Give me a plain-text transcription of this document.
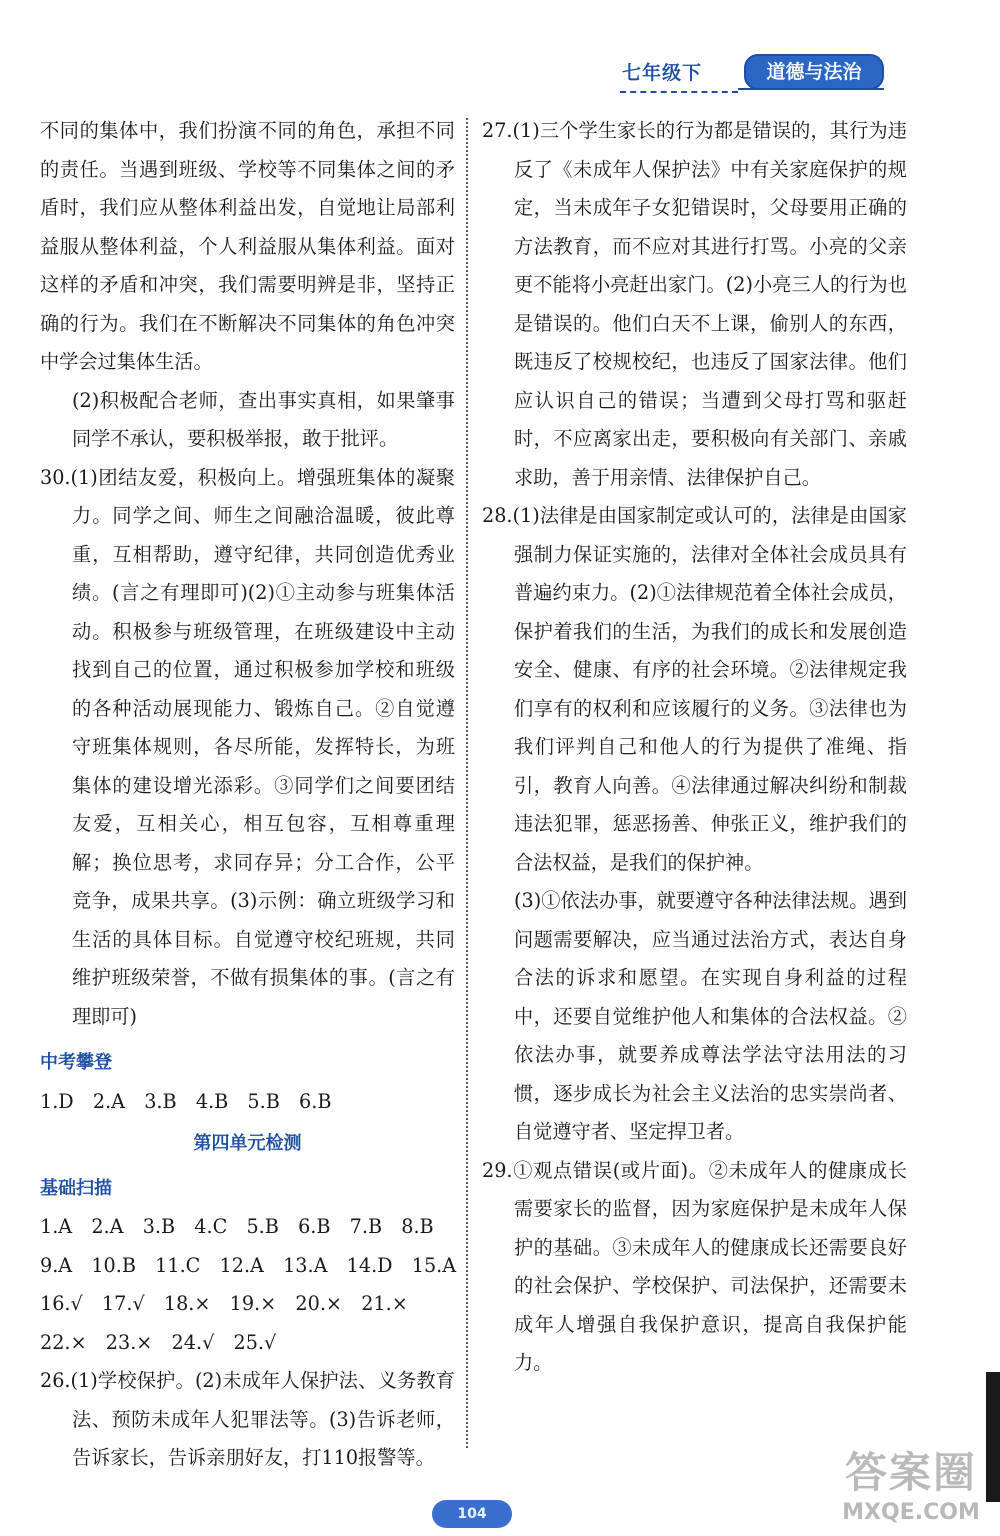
七年级下	道德与法治

不同的集体中，我们扮演不同的角色，承担不同的责任。当遇到班级、学校等不同集体之间的矛盾时，我们应从整体利益出发，自觉地让局部利益服从整体利益，个人利益服从集体利益。面对这样的矛盾和冲突，我们需要明辨是非，坚持正确的行为。我们在不断解决不同集体的角色冲突中学会过集体生活。

(2)积极配合老师，查出事实真相，如果肇事同学不承认，要积极举报，敢于批评。

30.(1)团结友爱，积极向上。增强班集体的凝聚力。同学之间、师生之间融洽温暖，彼此尊重，互相帮助，遵守纪律，共同创造优秀业绩。(言之有理即可)(2)①主动参与班集体活动。积极参与班级管理，在班级建设中主动找到自己的位置，通过积极参加学校和班级的各种活动展现能力、锻炼自己。②自觉遵守班集体规则，各尽所能，发挥特长，为班集体的建设增光添彩。③同学们之间要团结友爱，互相关心，相互包容，互相尊重理解；换位思考，求同存异；分工合作，公平竞争，成果共享。(3)示例：确立班级学习和生活的具体目标。自觉遵守校纪班规，共同维护班级荣誉，不做有损集体的事。(言之有理即可)

中考攀登

1.D　2.A　3.B　4.B　5.B　6.B

第四单元检测

基础扫描

1.A　2.A　3.B　4.C　5.B　6.B　7.B　8.B

9.A　10.B　11.C　12.A　13.A　14.D　15.A

16.√　17.√　18.×　19.×　20.×　21.×

22.×　23.×　24.√　25.√

26.(1)学校保护。(2)未成年人保护法、义务教育法、预防未成年人犯罪法等。(3)告诉老师，告诉家长，告诉亲朋好友，打110报警等。

27.(1)三个学生家长的行为都是错误的，其行为违反了《未成年人保护法》中有关家庭保护的规定，当未成年子女犯错误时，父母要用正确的方法教育，而不应对其进行打骂。小亮的父亲更不能将小亮赶出家门。(2)小亮三人的行为也是错误的。他们白天不上课，偷别人的东西，既违反了校规校纪，也违反了国家法律。他们应认识自己的错误；当遭到父母打骂和驱赶时，不应离家出走，要积极向有关部门、亲戚求助，善于用亲情、法律保护自己。

28.(1)法律是由国家制定或认可的，法律是由国家强制力保证实施的，法律对全体社会成员具有普遍约束力。(2)①法律规范着全体社会成员，保护着我们的生活，为我们的成长和发展创造安全、健康、有序的社会环境。②法律规定我们享有的权利和应该履行的义务。③法律也为我们评判自己和他人的行为提供了准绳、指引，教育人向善。④法律通过解决纠纷和制裁违法犯罪，惩恶扬善、伸张正义，维护我们的合法权益，是我们的保护神。

(3)①依法办事，就要遵守各种法律法规。遇到问题需要解决，应当通过法治方式，表达自身合法的诉求和愿望。在实现自身利益的过程中，还要自觉维护他人和集体的合法权益。②依法办事，就要养成尊法学法守法用法的习惯，逐步成长为社会主义法治的忠实崇尚者、自觉遵守者、坚定捍卫者。

29.①观点错误(或片面)。②未成年人的健康成长需要家长的监督，因为家庭保护是未成年人保护的基础。③未成年人的健康成长还需要良好的社会保护、学校保护、司法保护，还需要未成年人增强自我保护意识，提高自我保护能力。

104
答案圈
MXQE.COM
